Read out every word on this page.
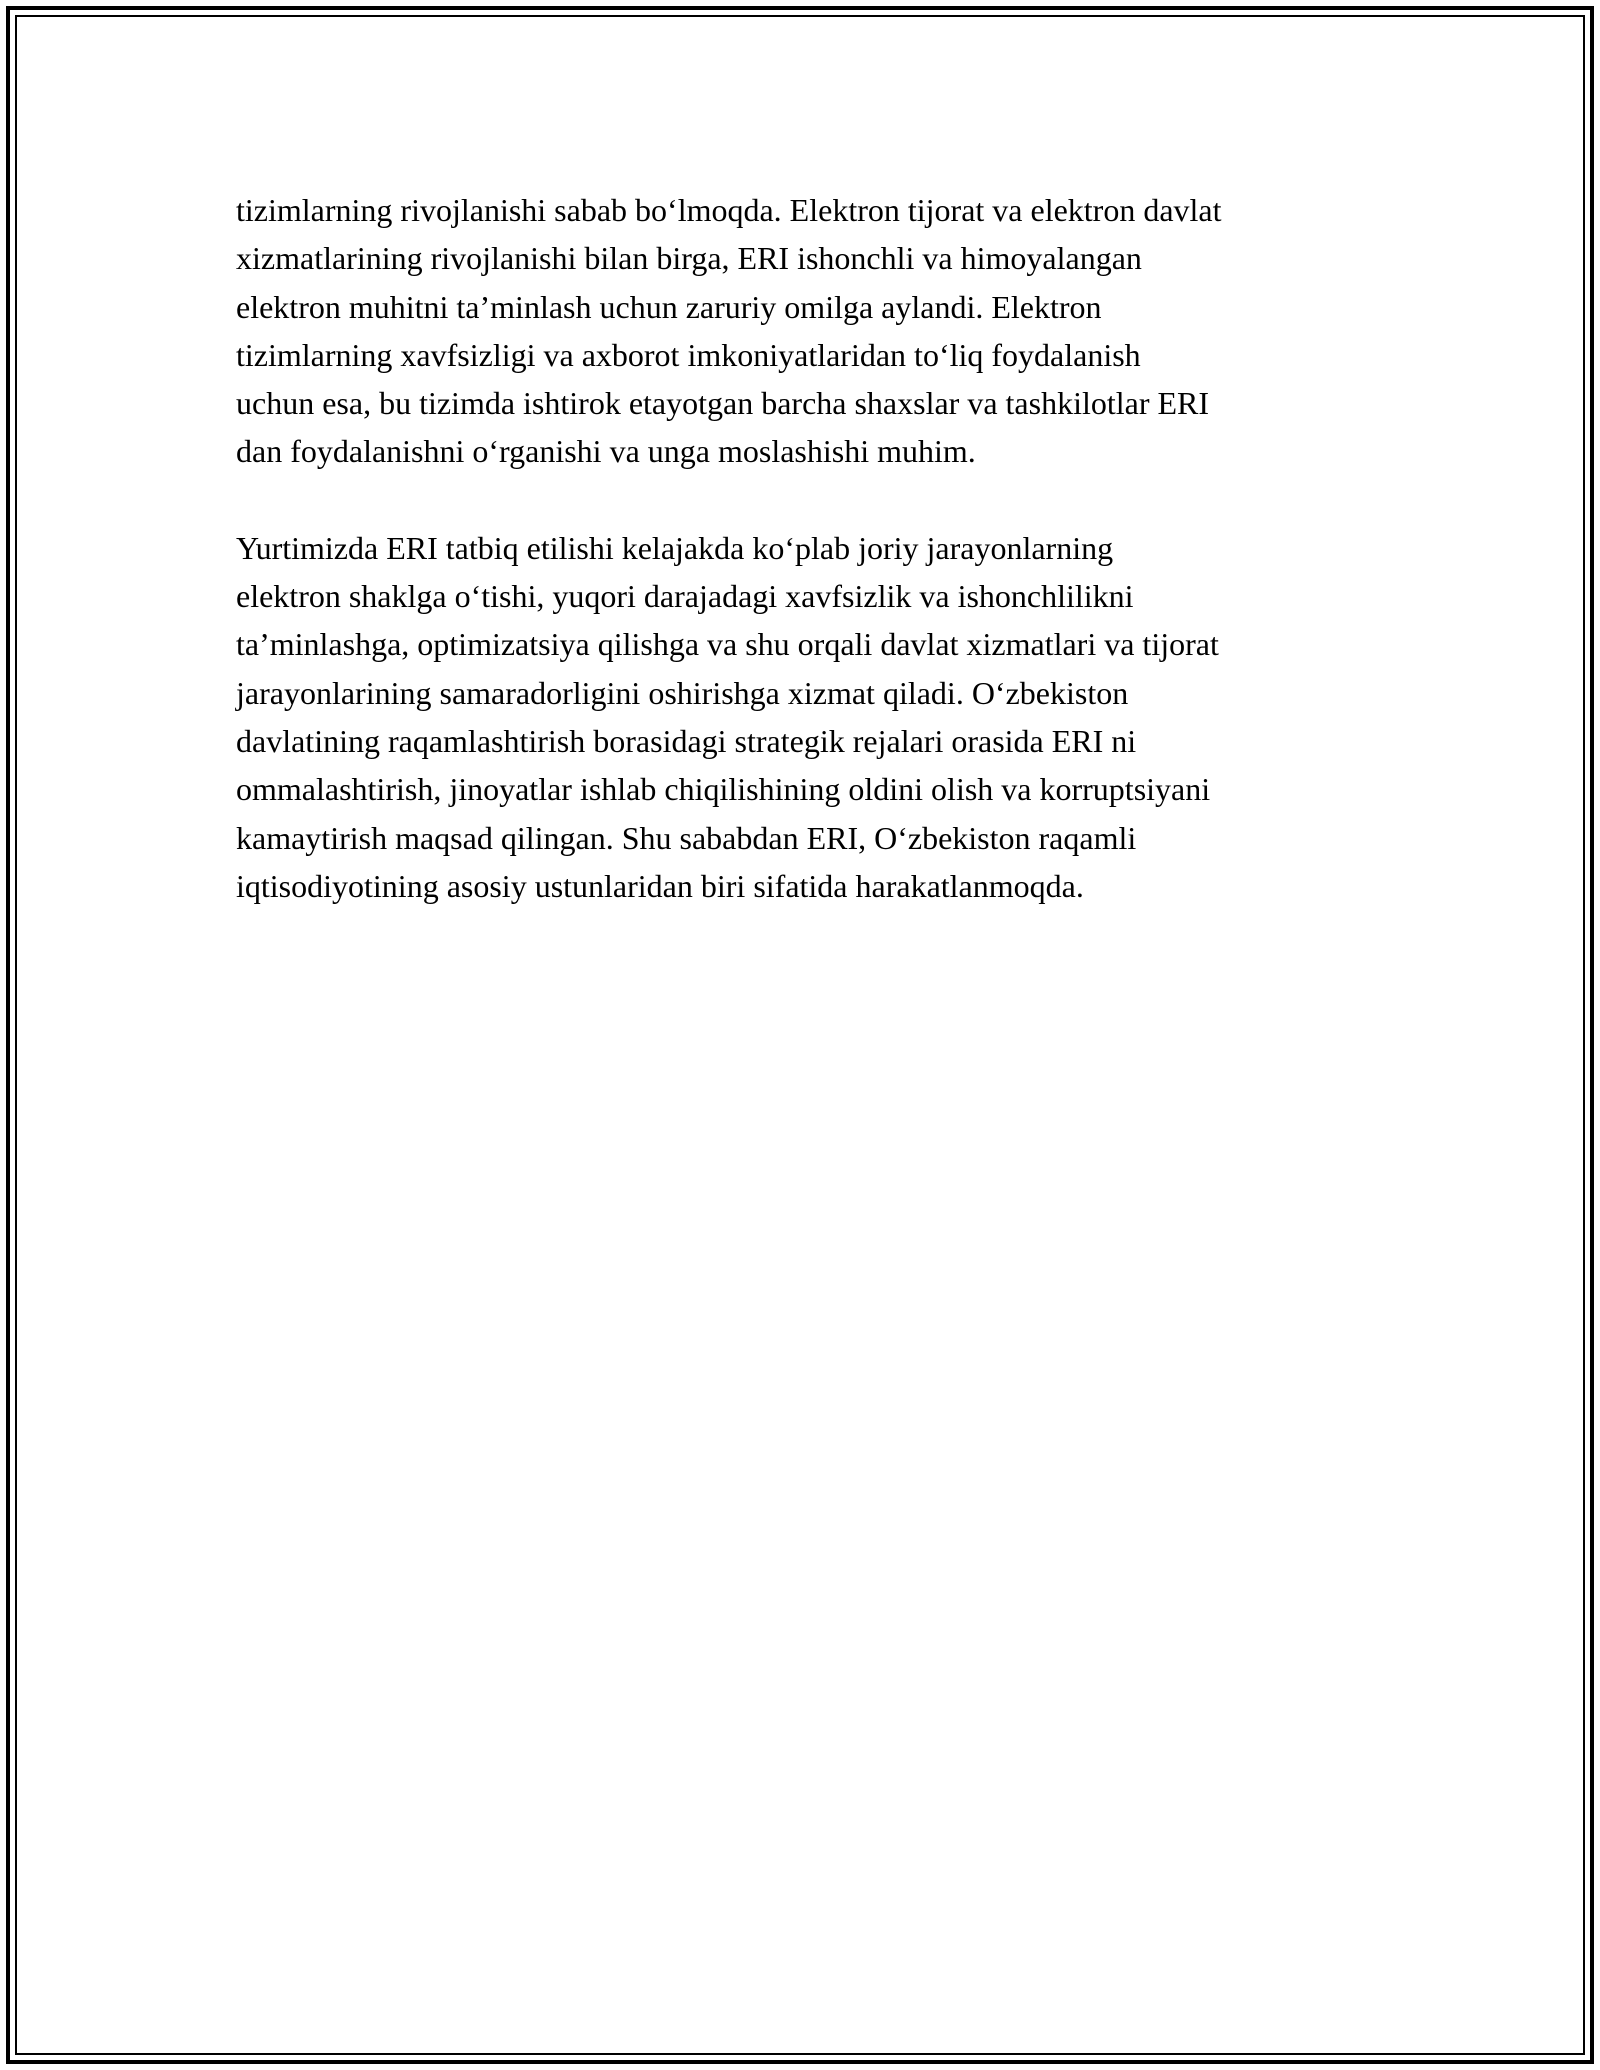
tizimlarning rivojlanishi sabab bo‘lmoqda. Elektron tijorat va elektron davlat
xizmatlarining rivojlanishi bilan birga, ERI ishonchli va himoyalangan
elektron muhitni ta’minlash uchun zaruriy omilga aylandi. Elektron
tizimlarning xavfsizligi va axborot imkoniyatlaridan to‘liq foydalanish
uchun esa, bu tizimda ishtirok etayotgan barcha shaxslar va tashkilotlar ERI
dan foydalanishni o‘rganishi va unga moslashishi muhim.

Yurtimizda ERI tatbiq etilishi kelajakda ko‘plab joriy jarayonlarning
elektron shaklga o‘tishi, yuqori darajadagi xavfsizlik va ishonchlilikni
ta’minlashga, optimizatsiya qilishga va shu orqali davlat xizmatlari va tijorat
jarayonlarining samaradorligini oshirishga xizmat qiladi. O‘zbekiston
davlatining raqamlashtirish borasidagi strategik rejalari orasida ERI ni
ommalashtirish, jinoyatlar ishlab chiqilishining oldini olish va korruptsiyani
kamaytirish maqsad qilingan. Shu sababdan ERI, O‘zbekiston raqamli
iqtisodiyotining asosiy ustunlaridan biri sifatida harakatlanmoqda.
